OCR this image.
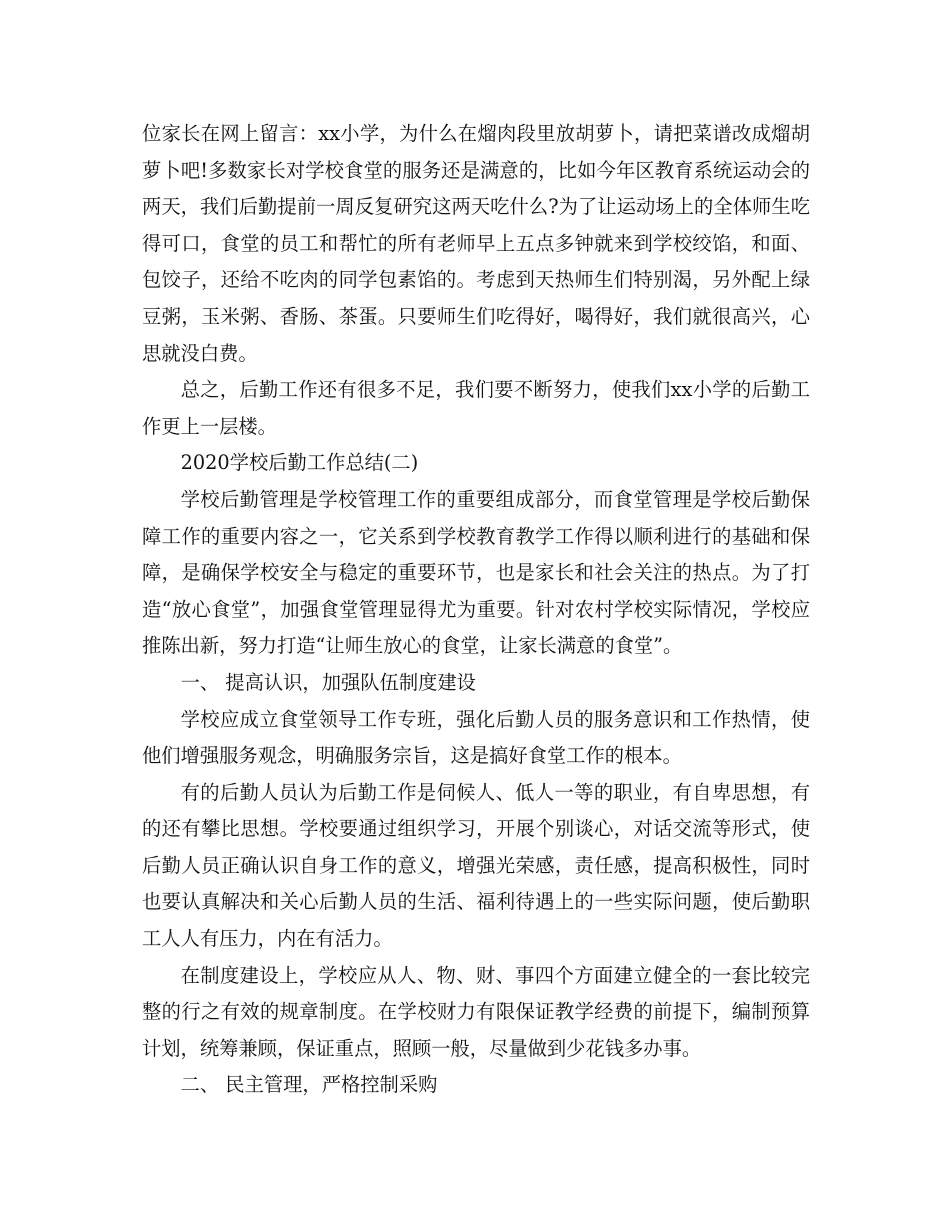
位家长在网上留言：xx小学，为什么在熘肉段里放胡萝卜，请把菜谱改成熘胡萝卜吧!多数家长对学校食堂的服务还是满意的，比如今年区教育系统运动会的两天，我们后勤提前一周反复研究这两天吃什么?为了让运动场上的全体师生吃得可口，食堂的员工和帮忙的所有老师早上五点多钟就来到学校绞馅，和面、包饺子，还给不吃肉的同学包素馅的。考虑到天热师生们特别渴，另外配上绿豆粥，玉米粥、香肠、茶蛋。只要师生们吃得好，喝得好，我们就很高兴，心思就没白费。

总之，后勤工作还有很多不足，我们要不断努力，使我们xx小学的后勤工作更上一层楼。

2020学校后勤工作总结(二)

学校后勤管理是学校管理工作的重要组成部分，而食堂管理是学校后勤保障工作的重要内容之一，它关系到学校教育教学工作得以顺利进行的基础和保障，是确保学校安全与稳定的重要环节，也是家长和社会关注的热点。为了打造“放心食堂”，加强食堂管理显得尤为重要。针对农村学校实际情况，学校应推陈出新，努力打造“让师生放心的食堂，让家长满意的食堂”。

一、 提高认识，加强队伍制度建设

学校应成立食堂领导工作专班，强化后勤人员的服务意识和工作热情，使他们增强服务观念，明确服务宗旨，这是搞好食堂工作的根本。

有的后勤人员认为后勤工作是伺候人、低人一等的职业，有自卑思想，有的还有攀比思想。学校要通过组织学习，开展个别谈心，对话交流等形式，使后勤人员正确认识自身工作的意义，增强光荣感，责任感，提高积极性，同时也要认真解决和关心后勤人员的生活、福利待遇上的一些实际问题，使后勤职工人人有压力，内在有活力。

在制度建设上，学校应从人、物、财、事四个方面建立健全的一套比较完整的行之有效的规章制度。在学校财力有限保证教学经费的前提下，编制预算计划，统筹兼顾，保证重点，照顾一般，尽量做到少花钱多办事。

二、 民主管理，严格控制采购
